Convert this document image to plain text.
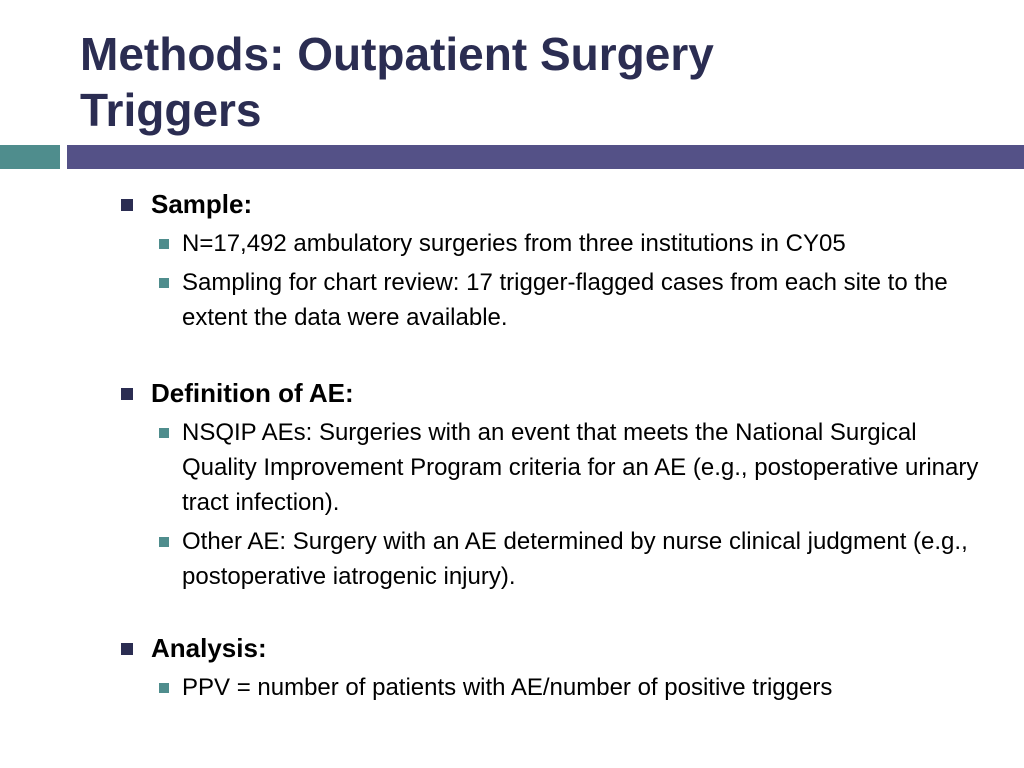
Methods: Outpatient Surgery
Triggers
Sample:
N=17,492 ambulatory surgeries from three institutions in CY05
Sampling for chart review: 17 trigger-flagged cases from each site to the extent the data were available.
Definition of AE:
NSQIP AEs: Surgeries with an event that meets the National Surgical Quality Improvement Program criteria for an AE (e.g., postoperative urinary tract infection).
Other AE: Surgery with an AE determined by nurse clinical judgment (e.g., postoperative iatrogenic injury).
Analysis:
PPV = number of patients with AE/number of positive triggers
